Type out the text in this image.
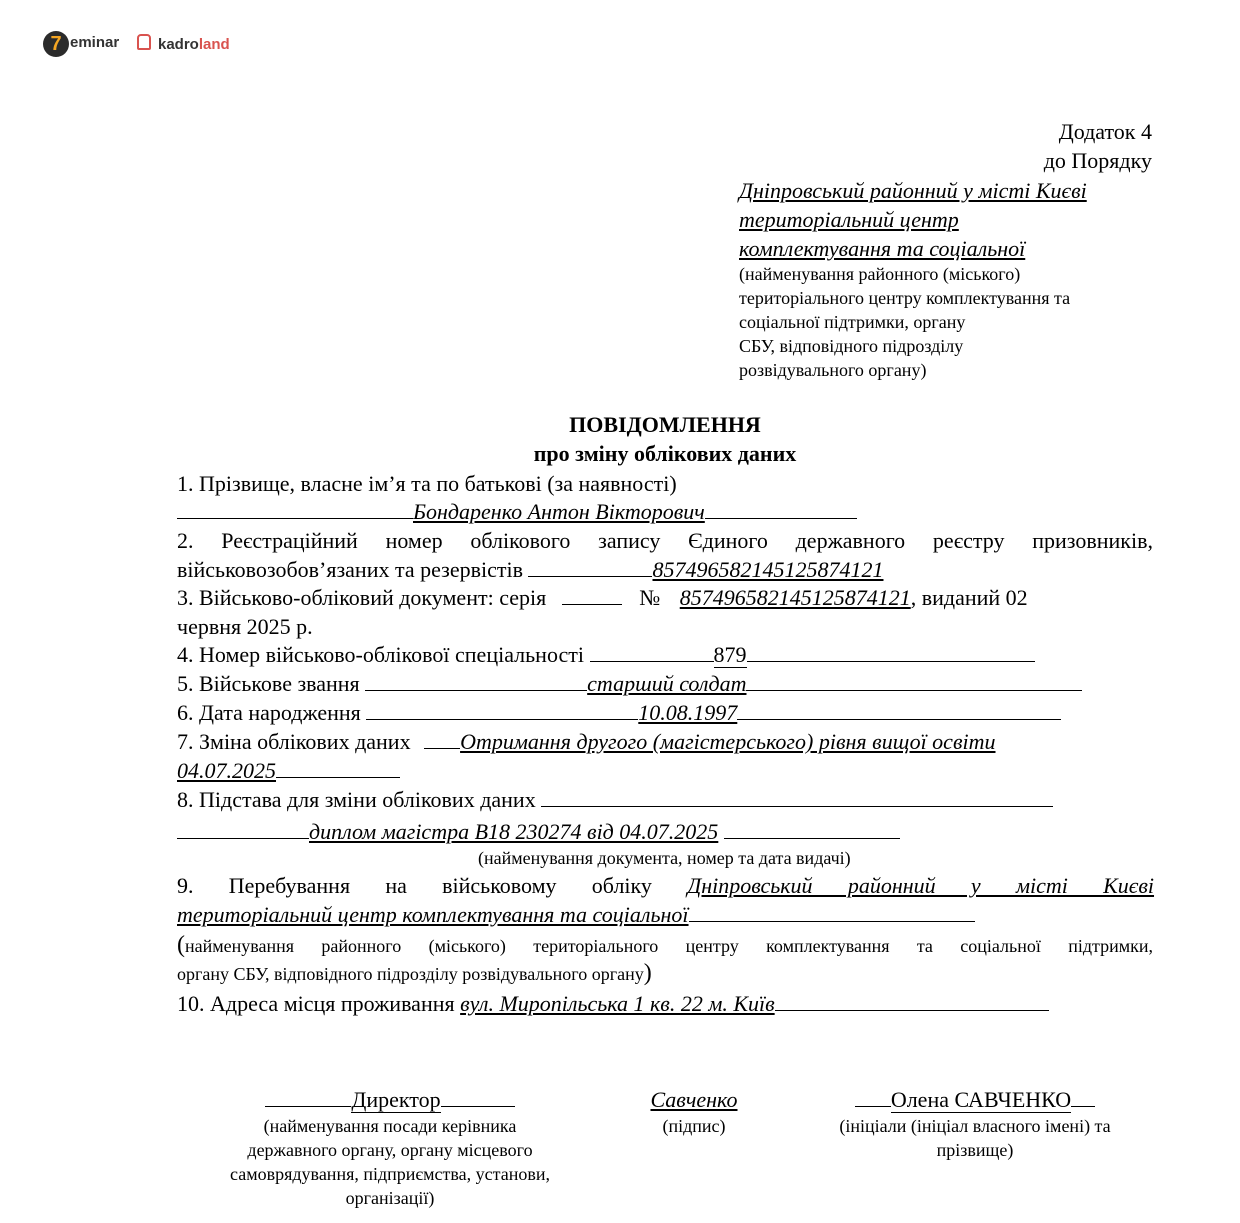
7 eminar	kadroland
Додаток 4
до Порядку
Дніпровський районний у місті Києві
територіальний центр
комплектування та соціальної
(найменування районного (міського)
територіального центру комплектування та
соціальної підтримки, органу
СБУ, відповідного підрозділу
розвідувального органу)
ПОВІДОМЛЕННЯ
про зміну облікових даних
1. Прізвище, власне ім’я та по батькові (за наявності)
Бондаренко Антон Вікторович
2. Реєстраційний номер облікового запису Єдиного державного реєстру призовників,
військовозобов’язаних та резервістів	85749658214512587412​1
3. Військово-обліковий документ: серія	№ 857496582145125874121, виданий 02
червня 2025 р.
4. Номер військово-облікової спеціальності	879
5. Військове звання	старший солдат
6. Дата народження	10.08.1997
7. Зміна облікових даних Отримання другого (магістерського) рівня вищої освіти
04.07.2025
8. Підстава для зміни облікових даних
диплом магістра В18 230274 від 04.07.2025
(найменування документа, номер та дата видачі)
9. Перебування на військовому обліку Дніпровський районний у місті Києві
територіальний центр комплектування та соціальної
(найменування районного (міського) територіального центру комплектування та соціальної підтримки,
органу СБУ, відповідного підрозділу розвідувального органу)
10. Адреса місця проживання вул. Миропільська 1 кв. 22 м. Київ
Директор
(найменування посади керівника
державного органу, органу місцевого
самоврядування, підприємства, установи,
організації)
Савченко
(підпис)
Олена САВЧЕНКО
(ініціали (ініціал власного імені) та
прізвище)
